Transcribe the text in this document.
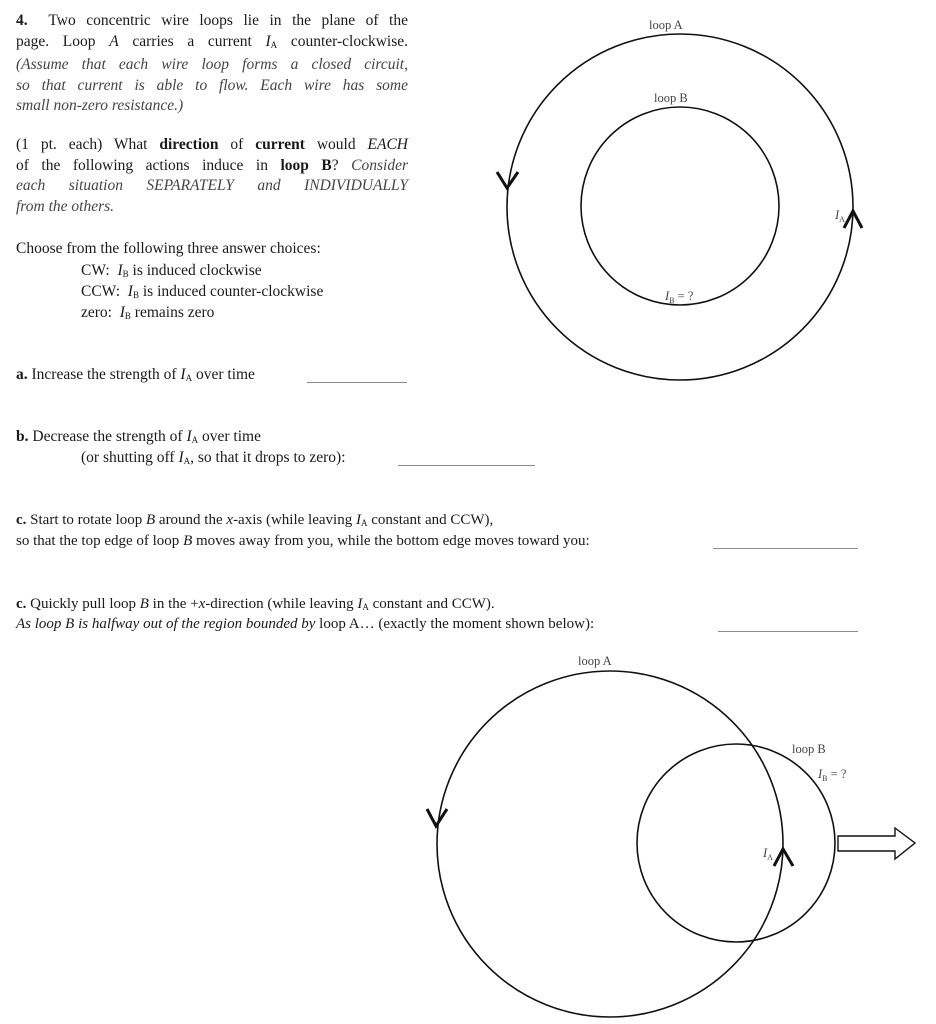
4. Two concentric wire loops lie in the plane of the
page. Loop A carries a current $I_A$ counter-clockwise.
(Assume that each wire loop forms a closed circuit,
so that current is able to flow. Each wire has some
small non-zero resistance.)
(1 pt. each) What direction of current would EACH
of the following actions induce in loop B? Consider
each situation SEPARATELY and INDIVIDUALLY
from the others.
Choose from the following three answer choices:
CW: $I_B$ is induced clockwise
CCW: $I_B$ is induced counter-clockwise
zero: $I_B$ remains zero
a. Increase the strength of $I_A$ over time
b. Decrease the strength of $I_A$ over time
(or shutting off $I_A$, so that it drops to zero):
c. Start to rotate loop B around the x-axis (while leaving $I_A$ constant and CCW),
so that the top edge of loop B moves away from you, while the bottom edge moves toward you:
c. Quickly pull loop B in the +x-direction (while leaving $I_A$ constant and CCW).
As loop B is halfway out of the region bounded by loop A… (exactly the moment shown below):
loop A
loop B
$I_A$
$I_B$ = ?
loop A
loop B
$I_A$
$I_B$ = ?
